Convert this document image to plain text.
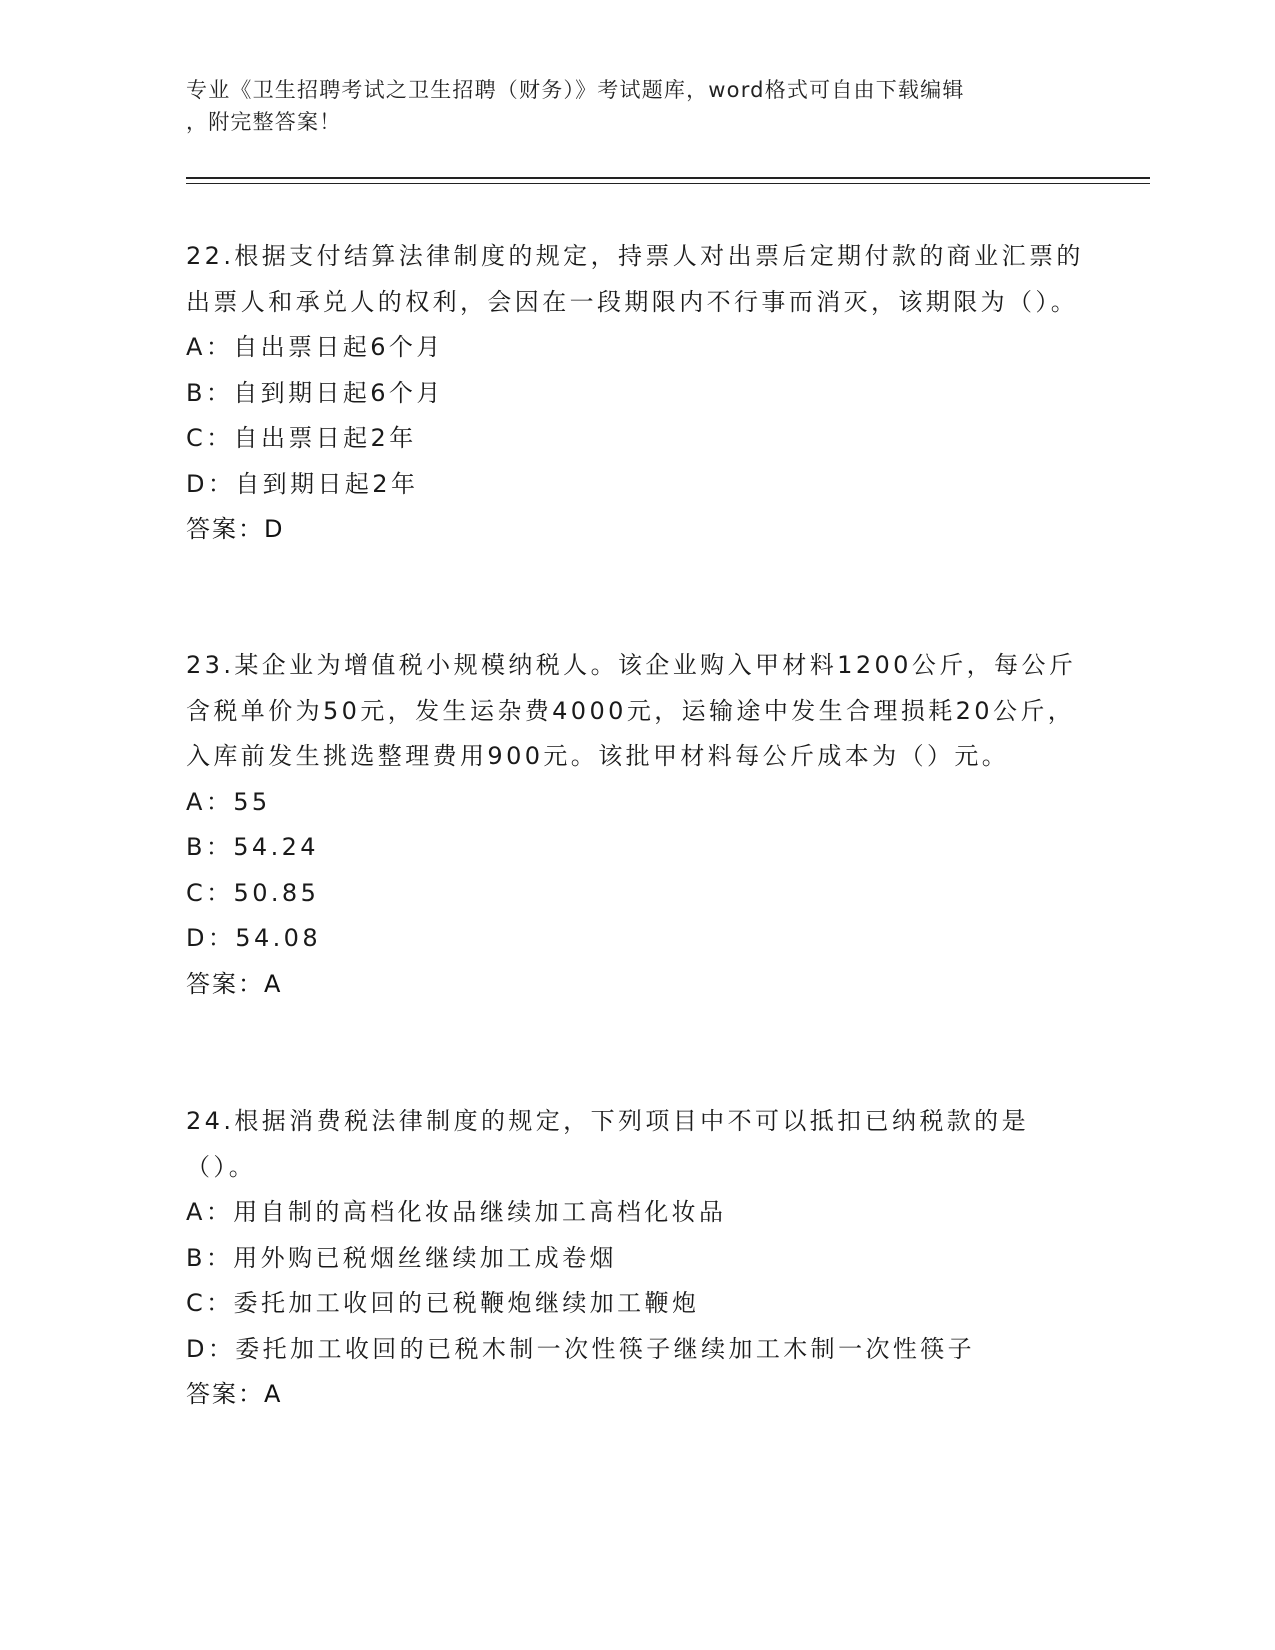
专业《卫生招聘考试之卫生招聘（财务）》考试题库，word格式可自由下载编辑
，附完整答案！

22.根据支付结算法律制度的规定，持票人对出票后定期付款的商业汇票的出票人和承兑人的权利，会因在一段期限内不行事而消灭，该期限为（）。

A：自出票日起6个月

B：自到期日起6个月

C：自出票日起2年

D：自到期日起2年

答案：D

23.某企业为增值税小规模纳税人。该企业购入甲材料1200公斤，每公斤含税单价为50元，发生运杂费4000元，运输途中发生合理损耗20公斤，入库前发生挑选整理费用900元。该批甲材料每公斤成本为（）元。

A：55

B：54.24

C：50.85

D：54.08

答案：A

24.根据消费税法律制度的规定，下列项目中不可以抵扣已纳税款的是（）。

A：用自制的高档化妆品继续加工高档化妆品

B：用外购已税烟丝继续加工成卷烟

C：委托加工收回的已税鞭炮继续加工鞭炮

D：委托加工收回的已税木制一次性筷子继续加工木制一次性筷子

答案：A
